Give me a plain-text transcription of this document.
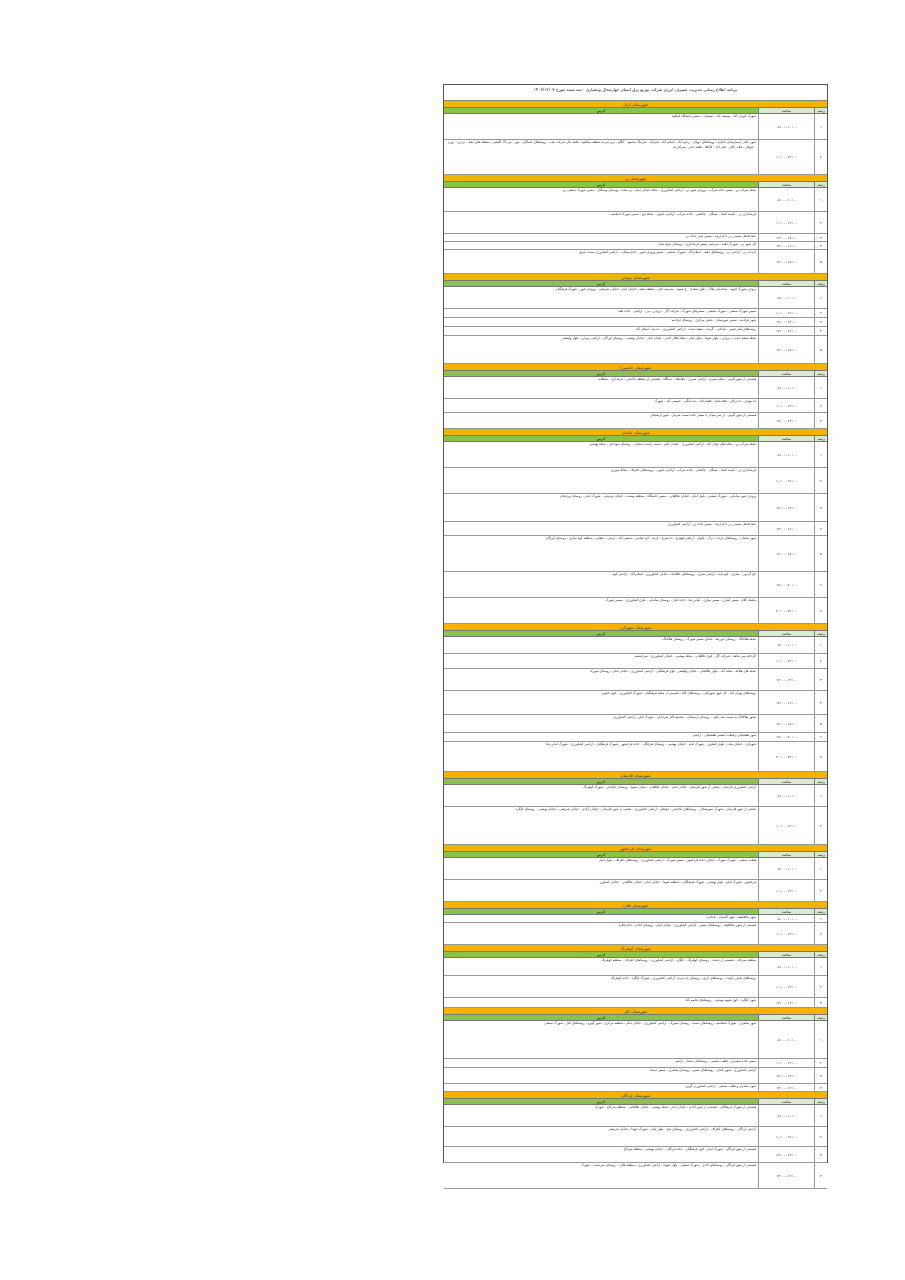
برنامه اطلاع رسانی مدیریت مصرف انرژی شرکت توزیع برق استان چهارمحال وبختیاری - سه شنبه مورخ ۱۴۰۳/۱۲/۰۷
شهرستان اردل
ردیف
ساعت
آدرس
۱
۰۸:۰۰-۱۰:۰۰
شهرک کوران آباد - یوسف آباد - تیستیان - مسیر دانشگاه کیکاوه
۲
۱۰:۰۰-۱۲:۰۰
شهر ناغان (بیمارستان ناغان) - روستاهای دوپلان - رحیم آباد - اسلام آباد - قنبرآباد - سرتنگ محمود - آبگلو - برم سرده منطقه میانکوه - قلعه خان شرکت نفت - روستاهای کمنگان - مور - ش تاک گلشیر - منطقه های دهنه - بردزرد - وزن - چوبلان - فلات کلار - علی آباد - کاکاها - قلعه دختر - سرکدرده
شهرستان بن
ردیف
ساعت
آدرس
۱
۰۸:۰۰-۱۰:۰۰
محله سرآب بن - مسیر جاده سرآب - ورودی شهر بن - اراضی کشاورزی - محله خیابان امام - بن سده - روستای وستگان - مسیر شهرک صنعتی بن
۲
۱۰:۰۰-۱۲:۰۰
فرمانداری بن - کمیته امداد - سیگان - چالشتر - جاده سرآب - اراضی جنوبی - محله باغ - مسیر شهرک اسلامیه
۳
۱۲:۰۰-۱۴:۰۰
خط فاضل بسیدن بن تا بازارچه - مسیر چمن جاده بن
۴
۱۴:۰۰-۱۶:۰۰
کل شهر بن - شهرک دهنه - سرتاسر مسیر فرمانداری - روستای شیخ شبان
۵
۱۶:۰۰-۱۸:۰۰
کرداب بن - اراضی بن - روستاهای دهنه - اسلام آباد - شهرک صنعتی - مسیر ورودی شهر - جاده سیلاب - اراضی کشاورزی سمت شرق
شهرستان بروجن
ردیف
ساعت
آدرس
۱
۰۸:۰۰-۱۰:۰۰
بروجن شهرک الهیه - ساختمان ملاک - بلوار سعدی - خ شهید - مدرسه ایثار - منطقه دهنه - خیابان امام - خیابان شریعتی - ورودی شهر - شهرک فرهنگیان
۲
۱۰:۰۰-۱۲:۰۰
مسیر شهرک صنعتی - شهرک صنعتی - مسیرهای شهرک - شرکت گاز - بروجن - بین - اراضی - جاده نقنه
۳
۱۲:۰۰-۱۴:۰۰
شهر فرادنبه - مسیر شهرستان - بخش مرکزی - روستای فرادنبه
۴
۱۴:۰۰-۱۶:۰۰
روستاهای امام قیس - بلداجی - گردنه - سفید دشت - اراضی کشاورزی - ده تپه - اسلام آباد
۵
۱۶:۰۰-۱۸:۰۰
محله سفید دشت - بروجن - بلوار شهدا - بلوار امام - محله هلال احمر - خیابان ایثار - خیابان بهشتی - روستای اورگان - اراضی بروجن - بلوار ولیعصر
شهرستان خانمیرزا
ردیف
ساعت
آدرس
۱
۰۸:۰۰-۱۰:۰۰
قسمتی از شهر آلونی - محله سبزی - اراضی سبزی - چقاملک - شناگاه - قسمتی از منطقه باباحیدر - مرغداری - سلطانه
۲
۱۰:۰۰-۱۲:۰۰
ده مهدی - ده ترکان - قلعه قاید - قلعه پاچه - ده مانگی - حسینی آباد - شهرک
۳
۱۲:۰۰-۱۴:۰۰
قسمتی از شهر آلونی - از سر میدان تا مسیر جاده سمت شرقی - شهر ارسنجان
شهرستان سامان
ردیف
ساعت
آدرس
۱
۰۸:۰۰-۱۰:۰۰
محله سرآب بن - محله های جهان آباد - اراضی کشاورزی - خیابان امام - سمت راست سامان - روستای سودجان - محله بهشتی
۲
۱۰:۰۰-۱۲:۰۰
فرمانداری بن - کمیته امداد - سیگان - چالشتر - جاده سرآب - اراضی جنوبی - روستاهای اطراف - نقاط شهری
۳
۱۲:۰۰-۱۴:۰۰
ورودی شهر سامانی - شهرک صنعتی - بلوار امام - خیابان طالقانی - مسیر دانشگاه - منطقه بهشت - خیابان شریعتی - شهرک امام - روستای وردنجان
۴
۱۴:۰۰-۱۶:۰۰
خط فاضل بسیدن بن تا بازارچه - مسیر جاده بن - اراضی کشاورزی
۵
۱۶:۰۰-۱۸:۰۰
شهر سامان - روستاهای بارده - دزک - چلوان - اراضی قهفرخ - ده سرخ - بارده - کرد شامی - شمس آباد - ارمنی - ماهانی - منطقه کوه ساری - روستای آورگان
۶
۱۸:۰۰-۲۰:۰۰
تاج گردون - ساری - کوه پایه - اراضی ساری - روستاهای طاقانک - خیابان کشاورزی - اسلام آباد - اراضی کوه
۷
۲۰:۰۰-۲۲:۰۰
ماسک کلاه - مسیر آبیاری - مسیر ساری - امام رضا - جاده ایثار - روستای سامانی - طرح کشاورزی - مسیر شهرک
شهرستان شهرکرد
ردیف
ساعت
آدرس
۱
۰۸:۰۰-۱۰:۰۰
محله هلاکتاک - روستای مزرعه - ابتدای مسیر شهرک - روستای هلاکتاک
۲
۱۰:۰۰-۱۲:۰۰
کارخانه پنیر شاهد - شرکت گاز - کوی طالقانی - محله بهشتی - خیابان کشاورزی - سرچشمه
۳
۱۲:۰۰-۱۴:۰۰
محله های هلاکه - محله آباد - بلوار طالقانی - خیابان ولیعصر - کوی فرهنگیان - اراضی کشاورزی - خیابان امام - روستای شهرک
۴
۱۴:۰۰-۱۶:۰۰
روستاهای بهرام آباد - کل شهر شهرکیان - روستاهای لاله - قسمتی از محله فرهنگیان - شهرک کشاورزی - کوی جنوبی
۵
۱۶:۰۰-۱۸:۰۰
محور هلاکتاک به سمت سد زاهی - روستای ارسنجان - مجتمع تالار سرداران - شهرک ایثار - اراضی کشاورزی
۶
۱۸:۰۰-۲۰:۰۰
شهر هفشجان و قطب صنعتی هفشجان - اراضی
۷
۲۰:۰۰-۲۲:۰۰
شهرکرد - خیابان ملت - بلوار کشاورز - شهرک امام - خیابان بهشتی - روستای هرچگان - جاده فرخشهر - شهرک فرهنگیان - اراضی کشاورزی - شهرک امام رضا
شهرستان فارسان
ردیف
ساعت
آدرس
۱
۰۸:۰۰-۱۰:۰۰
اراضی کشاورزی فارسان - بخشی از شهر فارسان - خیابان امام - خیابان طالقانی - میدان بسیج - روستای باباحیدر - شهرک کوهرنگ
۲
۱۰:۰۰-۱۲:۰۰
بخشی از شهر فارسان - شهرک سورشجان - روستاهای باباحیدر - جونقان - اراضی کشاورزی - بخشی از شهر فارسان - خیابان آزادی - خیابان شریعتی - خیابان بهشتی - روستای چلگرد
شهرستان فرخشهر
ردیف
ساعت
آدرس
۱
۰۸:۰۰-۱۰:۰۰
قطب صنعتی - شهرک سورک - ابتدای جاده فرخشهر - مسیر شهرک - اراضی کشاورزی - روستاهای اطراف - بلوار امام
۲
۱۰:۰۰-۱۲:۰۰
فرخشهر - شهرک امام - بلوار بهشتی - شهرک فرهنگیان - منطقه شهدا - خیابان امام - خیابان طالقانی - خیابان کشاورز
شهرستان فلارد
ردیف
ساعت
آدرس
۱
۰۸:۰۰-۱۰:۰۰
شهر مالخلیفه - شهر گندمان - بلداجی
۲
۱۰:۰۰-۱۲:۰۰
قسمتی از شهر مالخلیفه - روستاهای مسیر - اراضی کشاورزی - خیابان امام - روستای آبادی - جاده فلارد
شهرستان کوهرنگ
ردیف
ساعت
آدرس
۱
۰۸:۰۰-۱۰:۰۰
منطقه سرتاف - قسمتی از دشت - روستای کوهرنگ - چلگرد - اراضی کشاورزی - روستاهای اطراف - منطقه کوهرنگ
۲
۱۰:۰۰-۱۲:۰۰
روستاهای بخش بازفت - روستاهای چری - روستای ده مرده - اراضی کشاورزی - شهرک چلگرد - جاده کوهرنگ
۳
۱۲:۰۰-۱۴:۰۰
شهر چلگرد - کوی شهید بهشتی - روستاهای قاسم آباد
شهرستان کیار
ردیف
ساعت
آدرس
۱
۰۸:۰۰-۱۰:۰۰
شهر شلمزار - شهرک اسلامیه - روستاهای دستنا - روستای سورک - اراضی کشاورزی - خیابان امام - منطقه مرکزی - شهر گهرو - روستاهای کیار - شهرک صنعتی
۲
۱۰:۰۰-۱۲:۰۰
مسیر جاده شلمزار - قطب صنعتی - روستاهای دستنا - اراضی
۳
۱۲:۰۰-۱۴:۰۰
اراضی کشاورزی - شهر ناغان - روستاهای مسیر - روستای شلمزار - مسیر دستنا
۴
۱۴:۰۰-۱۶:۰۰
شهر شلمزار و قطب صنعتی - اراضی کشاورزی گهرو
شهرستان لردگان
ردیف
ساعت
آدرس
۱
۰۸:۰۰-۱۰:۰۰
قسمتی از شهرک فرهنگیان - قسمتی از شهر آبادی - خیابان امام - محله بهشتی - خیابان طالقانی - منطقه سرکاج - شهرک
۲
۱۰:۰۰-۱۲:۰۰
اراضی لردگان - روستاهای اطراف - اراضی کشاورزی - روستای منج - بلوار امام - شهرک شهدا - خیابان شریعتی
۳
۱۲:۰۰-۱۴:۰۰
قسمتی از شهر لردگان - شهرک امام - کوی فرهنگیان - جاده لردگان - خیابان بهشتی - منطقه سرکاج
۴
۱۴:۰۰-۱۶:۰۰
قسمتی از شهر لردگان - روستاهای آبادی - شهرک صنعتی - بلوار شهدا - اراضی کشاورزی - منطقه فلارد - روستای سردشت - شهرک
